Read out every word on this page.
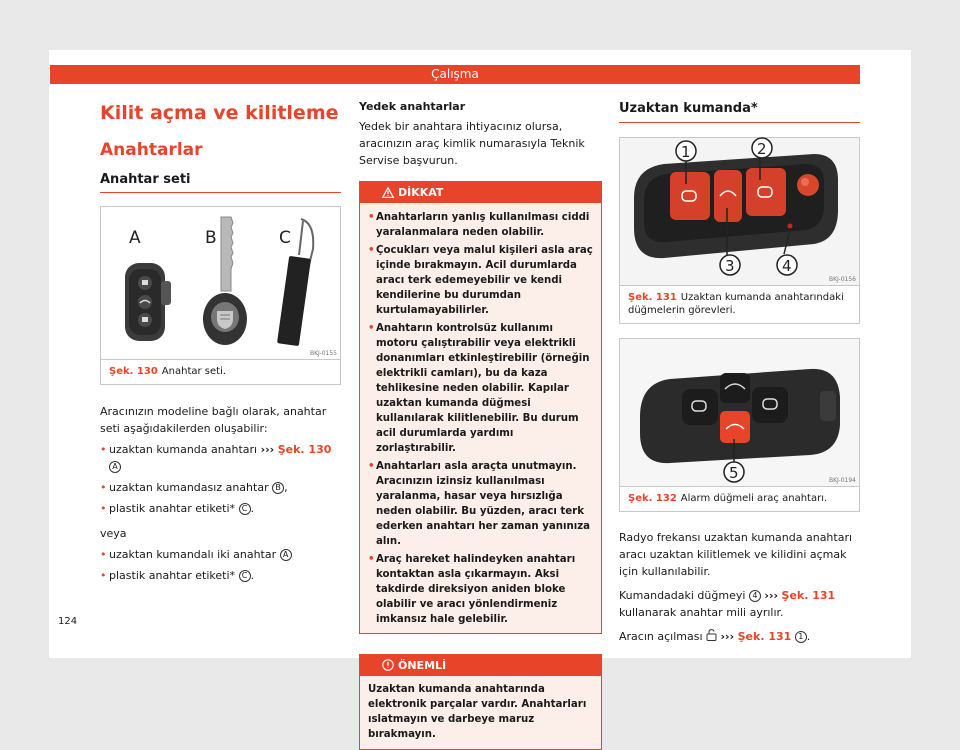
Çalışma
Kilit açma ve kilitleme
Anahtarlar
Anahtar seti
A	B	C
BKJ-0155
Şek. 130 Anahtar seti.

Aracınızın modeline bağlı olarak, anahtar seti aşağıdakilerden oluşabilir:

• uzaktan kumanda anahtarı ››› Şek. 130 A
• uzaktan kumandasız anahtar B ,
• plastik anahtar etiketi* C .

veya

• uzaktan kumandalı iki anahtar A
• plastik anahtar etiketi* C .
Yedek anahtarlar

Yedek bir anahtara ihtiyacınız olursa, aracınızın araç kimlik numarasıyla Teknik Servise başvurun.

DİKKAT
• Anahtarların yanlış kullanılması ciddi yaralanmalara neden olabilir.
• Çocukları veya malul kişileri asla araç içinde bırakmayın. Acil durumlarda aracı terk edemeyebilir ve kendi kendilerine bu durumdan kurtulamayabilirler.
• Anahtarın kontrolsüz kullanımı motoru çalıştırabilir veya elektrikli donanımları etkinleştirebilir (örneğin elektrikli camları), bu da kaza tehlikesine neden olabilir. Kapılar uzaktan kumanda düğmesi kullanılarak kilitlenebilir. Bu durum acil durumlarda yardımı zorlaştırabilir.
• Anahtarları asla araçta unutmayın. Aracınızın izinsiz kullanılması yaralanma, hasar veya hırsızlığa neden olabilir. Bu yüzden, aracı terk ederken anahtarı her zaman yanınıza alın.
• Araç hareket halindeyken anahtarı kontaktan asla çıkarmayın. Aksi takdirde direksiyon aniden bloke olabilir ve aracı yönlendirmeniz imkansız hale gelebilir.
ÖNEMLİ
Uzaktan kumanda anahtarında elektronik parçalar vardır. Anahtarları ıslatmayın ve darbeye maruz bırakmayın.
Uzaktan kumanda*
1	2
3	4
BKJ-0156
Şek. 131 Uzaktan kumanda anahtarındaki düğmelerin görevleri.
5	BKJ-0194
Şek. 132 Alarm düğmeli araç anahtarı.

Radyo frekansı uzaktan kumanda anahtarı aracı uzaktan kilitlemek ve kilidini açmak için kullanılabilir.

Kumandadaki düğmeyi 4 ››› Şek. 131 kullanarak anahtar mili ayrılır.

Aracın açılması ››› Şek. 131 1 .

124
